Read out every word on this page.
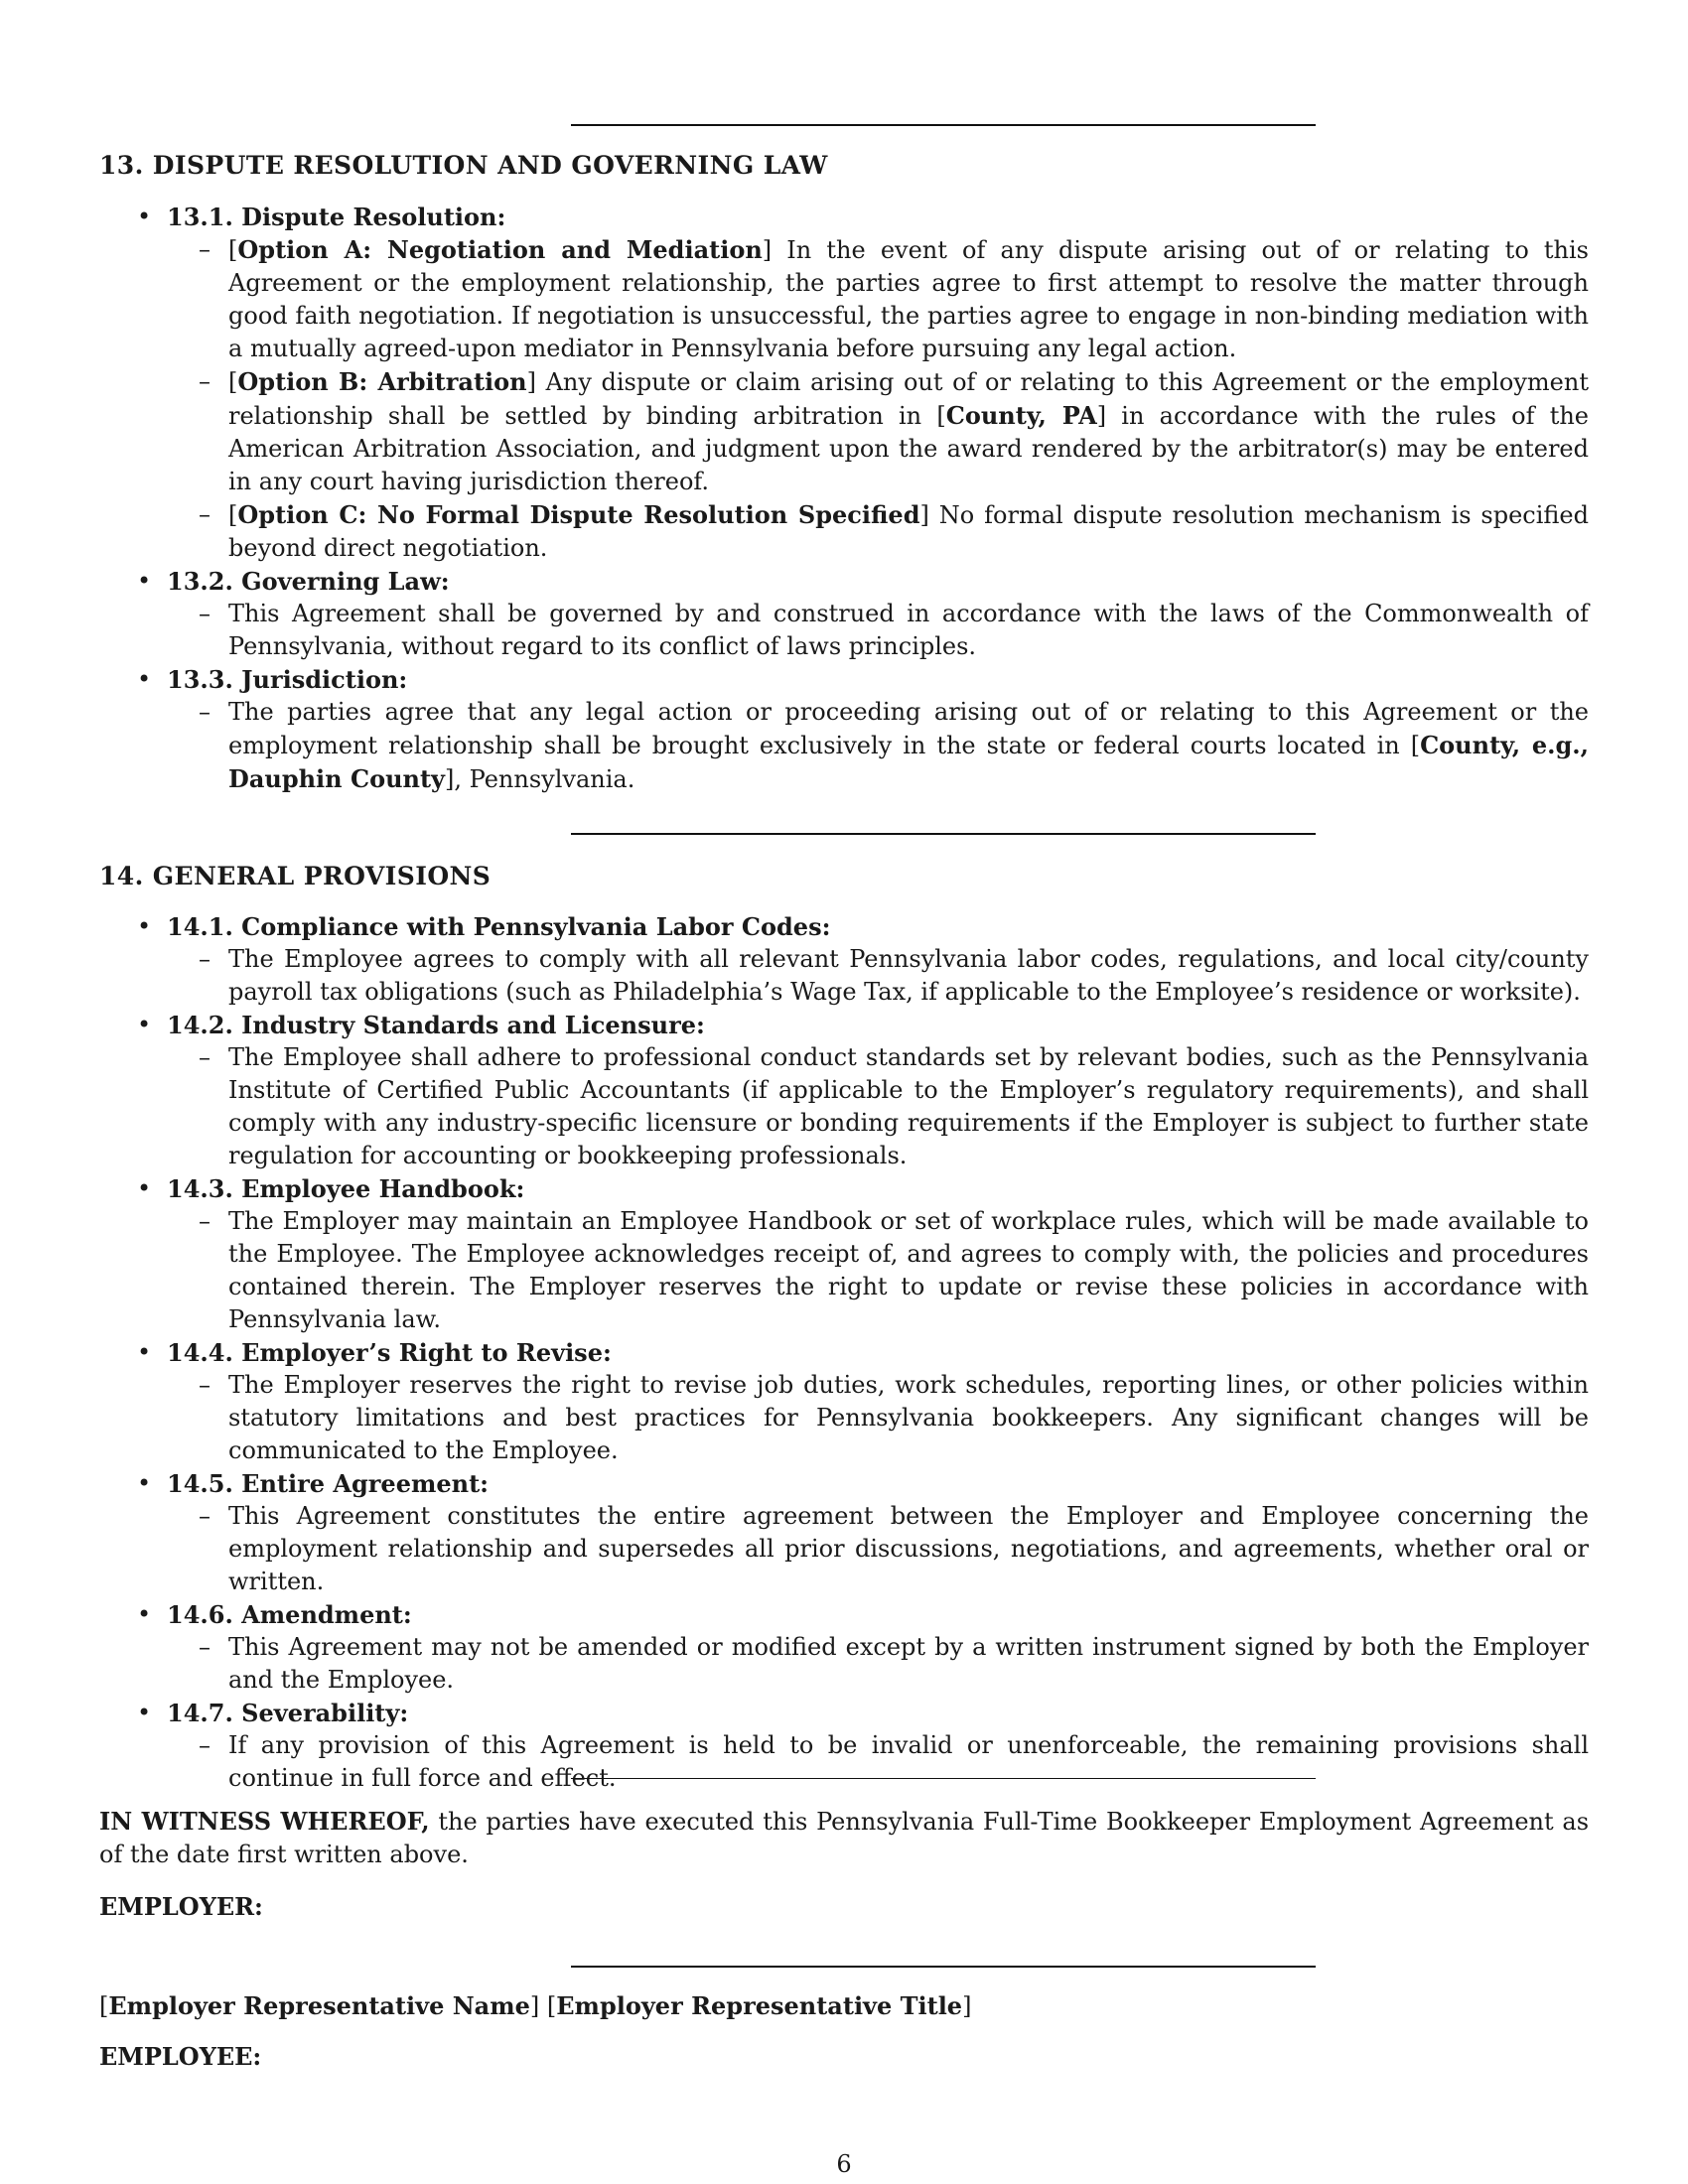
13. DISPUTE RESOLUTION AND GOVERNING LAW
• 13.1. Dispute Resolution:
– [Option A: Negotiation and Mediation] In the event of any dispute arising out of or relating to this Agreement or the employment relationship, the parties agree to first attempt to resolve the matter through good faith negotiation. If negotiation is unsuccessful, the parties agree to engage in non-binding mediation with a mutually agreed-upon mediator in Pennsylvania before pursuing any legal action.
– [Option B: Arbitration] Any dispute or claim arising out of or relating to this Agreement or the employment relationship shall be settled by binding arbitration in [County, PA] in accordance with the rules of the American Arbitration Association, and judgment upon the award rendered by the arbitrator(s) may be entered in any court having jurisdiction thereof.
– [Option C: No Formal Dispute Resolution Specified] No formal dispute resolution mechanism is specified beyond direct negotiation.
• 13.2. Governing Law:
– This Agreement shall be governed by and construed in accordance with the laws of the Commonwealth of Pennsylvania, without regard to its conflict of laws principles.
• 13.3. Jurisdiction:
– The parties agree that any legal action or proceeding arising out of or relating to this Agreement or the employment relationship shall be brought exclusively in the state or federal courts located in [County, e.g., Dauphin County], Pennsylvania.
14. GENERAL PROVISIONS
• 14.1. Compliance with Pennsylvania Labor Codes:
– The Employee agrees to comply with all relevant Pennsylvania labor codes, regulations, and local city/county payroll tax obligations (such as Philadelphia’s Wage Tax, if applicable to the Employee’s residence or worksite).
• 14.2. Industry Standards and Licensure:
– The Employee shall adhere to professional conduct standards set by relevant bodies, such as the Pennsylvania Institute of Certified Public Accountants (if applicable to the Employer’s regulatory requirements), and shall comply with any industry-specific licensure or bonding requirements if the Employer is subject to further state regulation for accounting or bookkeeping professionals.
• 14.3. Employee Handbook:
– The Employer may maintain an Employee Handbook or set of workplace rules, which will be made available to the Employee. The Employee acknowledges receipt of, and agrees to comply with, the policies and procedures contained therein. The Employer reserves the right to update or revise these policies in accordance with Pennsylvania law.
• 14.4. Employer’s Right to Revise:
– The Employer reserves the right to revise job duties, work schedules, reporting lines, or other policies within statutory limitations and best practices for Pennsylvania bookkeepers. Any significant changes will be communicated to the Employee.
• 14.5. Entire Agreement:
– This Agreement constitutes the entire agreement between the Employer and Employee concerning the employment relationship and supersedes all prior discussions, negotiations, and agreements, whether oral or written.
• 14.6. Amendment:
– This Agreement may not be amended or modified except by a written instrument signed by both the Employer and the Employee.
• 14.7. Severability:
– If any provision of this Agreement is held to be invalid or unenforceable, the remaining provisions shall continue in full force and effect.
IN WITNESS WHEREOF, the parties have executed this Pennsylvania Full-Time Bookkeeper Employment Agreement as of the date first written above.
EMPLOYER:
[Employer Representative Name] [Employer Representative Title]
EMPLOYEE:
6
